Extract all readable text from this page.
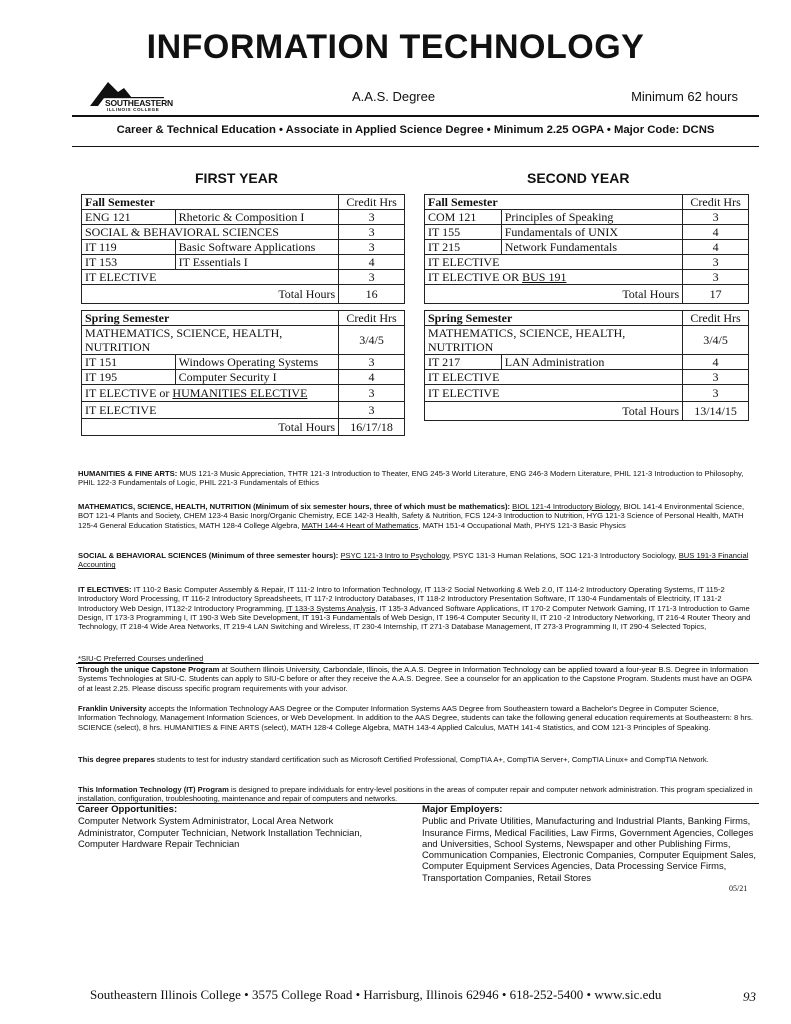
INFORMATION TECHNOLOGY
SOUTHEASTERN
ILLINOIS COLLEGE
A.A.S. Degree	Minimum 62 hours
Career & Technical Education • Associate in Applied Science Degree • Minimum 2.25 OGPA • Major Code: DCNS
FIRST YEAR	SECOND YEAR
Fall Semester		Credit Hrs
ENG 121	Rhetoric & Composition I	3
SOCIAL & BEHAVIORAL SCIENCES		3
IT 119	Basic Software Applications	3
IT 153	IT Essentials I	4
IT ELECTIVE		3
Total Hours		16
Spring Semester		Credit Hrs
MATHEMATICS, SCIENCE, HEALTH, NUTRITION		3/4/5
IT 151	Windows Operating Systems	3
IT 195	Computer Security I	4
IT ELECTIVE or HUMANITIES ELECTIVE		3
IT ELECTIVE		3
Total Hours		16/17/18
Fall Semester		Credit Hrs
COM 121	Principles of Speaking	3
IT 155	Fundamentals of UNIX	4
IT 215	Network Fundamentals	4
IT ELECTIVE		3
IT ELECTIVE OR BUS 191		3
Total Hours		17
Spring Semester		Credit Hrs
MATHEMATICS, SCIENCE, HEALTH, NUTRITION		3/4/5
IT 217	LAN Administration	4
IT ELECTIVE		3
IT ELECTIVE		3
Total Hours		13/14/15

HUMANITIES & FINE ARTS: MUS 121-3 Music Appreciation, THTR 121-3 Introduction to Theater, ENG 245-3 World Literature, ENG 246-3 Modern Literature, PHIL 121-3 Introduction to Philosophy, PHIL 122-3 Fundamentals of Logic, PHIL 221-3 Fundamentals of Ethics

MATHEMATICS, SCIENCE, HEALTH, NUTRITION (Minimum of six semester hours, three of which must be mathematics): BIOL 121-4 Introductory Biology, BIOL 141-4 Environmental Science, BOT 121-4 Plants and Society, CHEM 123-4 Basic Inorg/Organic Chemistry, ECE 142-3 Health, Safety & Nutrition, FCS 124-3 Introduction to Nutrition, HYG 121-3 Science of Personal Health, MATH 125-4 General Education Statistics, MATH 128-4 College Algebra, MATH 144-4 Heart of Mathematics, MATH 151-4 Occupational Math, PHYS 121-3 Basic Physics

SOCIAL & BEHAVIORAL SCIENCES (Minimum of three semester hours): PSYC 121-3 Intro to Psychology, PSYC 131-3 Human Relations, SOC 121-3 Introductory Sociology, BUS 191-3 Financial Accounting

IT ELECTIVES: IT 110-2 Basic Computer Assembly & Repair, IT 111-2 Intro to Information Technology, IT 113-2 Social Networking & Web 2.0, IT 114-2 Introductory Operating Systems, IT 115-2 Introductory Word Processing, IT 116-2 Introductory Spreadsheets, IT 117-2 Introductory Databases, IT 118-2 Introductory Presentation Software, IT 130-4 Fundamentals of Electricity, IT 131-2 Introductory Web Design, IT132-2 Introductory Programming, IT 133-3 Systems Analysis, IT 135-3 Advanced Software Applications, IT 170-2 Computer Network Gaming, IT 171-3 Introduction to Game Design, IT 173-3 Programming I, IT 190-3 Web Site Development, IT 191-3 Fundamentals of Web Design, IT 196-4 Computer Security II, IT 210 -2 Introductory Networking, IT 216-4 Router Theory and Technology, IT 218-4 Wide Area Networks, IT 219-4 LAN Switching and Wireless, IT 230-4 Internship, IT 271-3 Database Management, IT 273-3 Programming II, IT 290-4 Selected Topics,

*SIU-C Preferred Courses underlined

Through the unique Capstone Program at Southern Illinois University, Carbondale, Illinois, the A.A.S. Degree in Information Technology can be applied toward a four-year B.S. Degree in Information Systems Technologies at SIU-C. Students can apply to SIU-C before or after they receive the A.A.S. Degree. See a counselor for an application to the Capstone Program. Students must have an OGPA of at least 2.25. Please discuss specific program requirements with your advisor.

Franklin University accepts the Information Technology AAS Degree or the Computer Information Systems AAS Degree from Southeastern toward a Bachelor's Degree in Computer Science, Information Technology, Management Information Sciences, or Web Development. In addition to the AAS Degree, students can take the following general education requirements at Southeastern: 8 hrs. SCIENCE (select), 8 hrs. HUMANITIES & FINE ARTS (select), MATH 128-4 College Algebra, MATH 143-4 Applied Calculus, MATH 141-4 Statistics, and COM 121-3 Principles of Speaking.

This degree prepares students to test for industry standard certification such as Microsoft Certified Professional, CompTIA A+, CompTIA Server+, CompTIA Linux+ and CompTIA Network.

This Information Technology (IT) Program is designed to prepare individuals for entry-level positions in the areas of computer repair and computer network administration. This program specialized in installation, configuration, troubleshooting, maintenance and repair of computers and networks.

Career Opportunities:
Computer Network System Administrator, Local Area Network Administrator, Computer Technician, Network Installation Technician, Computer Hardware Repair Technician
Major Employers:
Public and Private Utilities, Manufacturing and Industrial Plants, Banking Firms, Insurance Firms, Medical Facilities, Law Firms, Government Agencies, Colleges and Universities, School Systems, Newspaper and other Publishing Firms, Communication Companies, Electronic Companies, Computer Equipment Sales, Computer Equipment Services Agencies, Data Processing Service Firms, Transportation Companies, Retail Stores
05/21
Southeastern Illinois College • 3575 College Road • Harrisburg, Illinois 62946 • 618-252-5400 • www.sic.edu	93
